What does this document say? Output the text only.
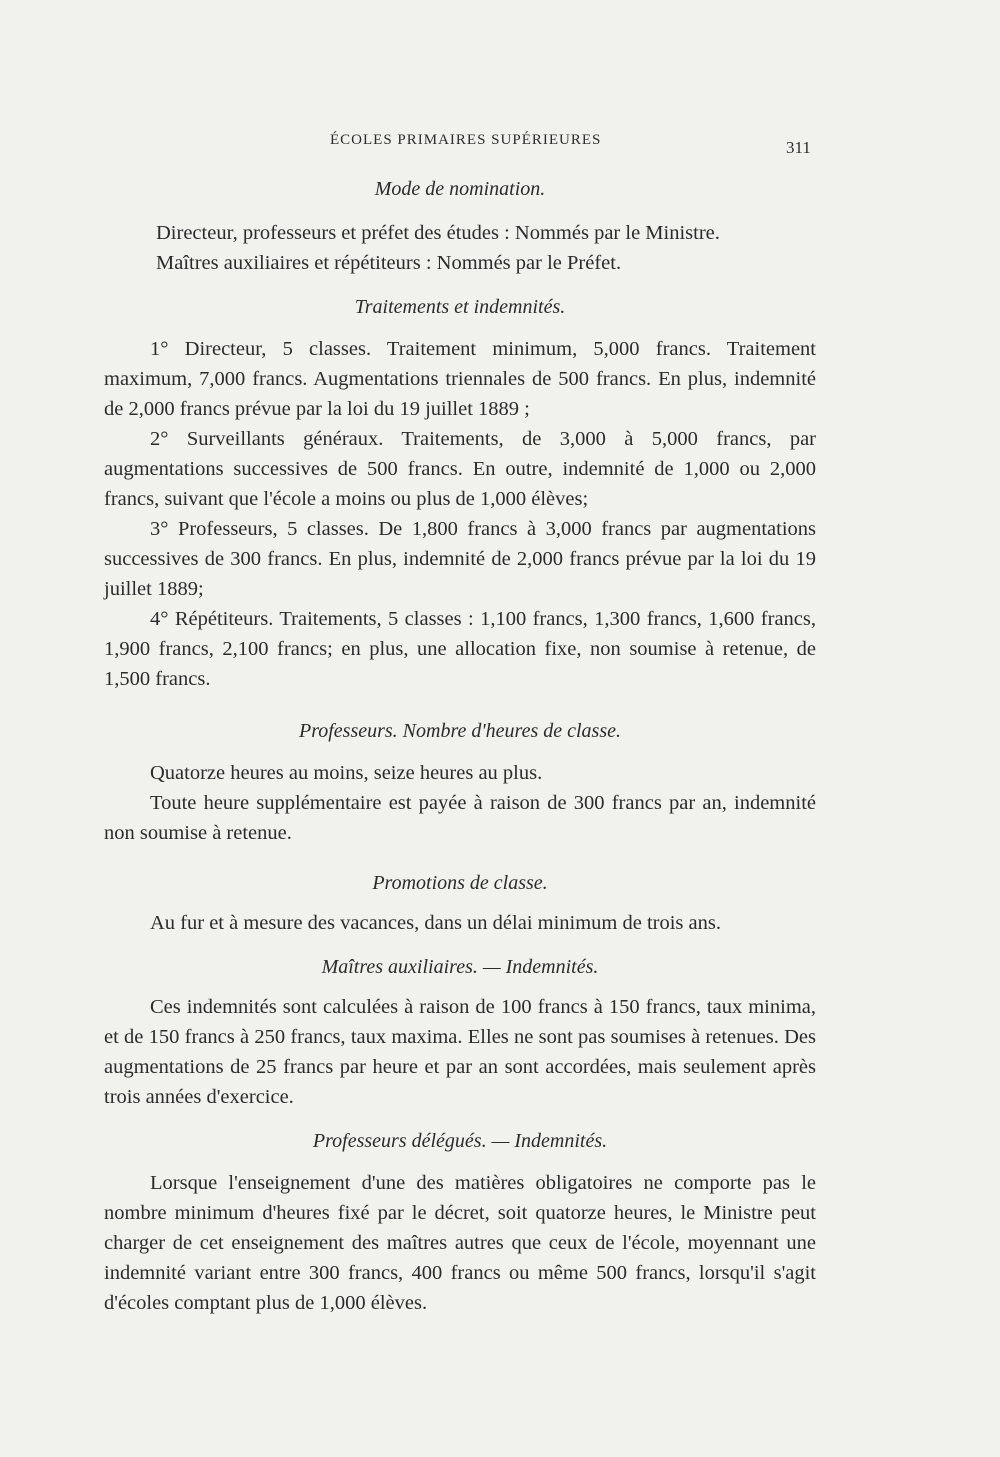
ÉCOLES PRIMAIRES SUPÉRIEURES	311

Mode de nomination.

Directeur, professeurs et préfet des études : Nommés par le Ministre.

Maîtres auxiliaires et répétiteurs : Nommés par le Préfet.

Traitements et indemnités.

1° Directeur, 5 classes. Traitement minimum, 5,000 francs. Traitement maximum, 7,000 francs. Augmentations triennales de 500 francs. En plus, indemnité de 2,000 francs prévue par la loi du 19 juillet 1889 ;

2° Surveillants généraux. Traitements, de 3,000 à 5,000 francs, par augmentations successives de 500 francs. En outre, indemnité de 1,000 ou 2,000 francs, suivant que l'école a moins ou plus de 1,000 élèves;

3° Professeurs, 5 classes. De 1,800 francs à 3,000 francs par augmentations successives de 300 francs. En plus, indemnité de 2,000 francs prévue par la loi du 19 juillet 1889;

4° Répétiteurs. Traitements, 5 classes : 1,100 francs, 1,300 francs, 1,600 francs, 1,900 francs, 2,100 francs; en plus, une allocation fixe, non soumise à retenue, de 1,500 francs.

Professeurs. Nombre d'heures de classe.

Quatorze heures au moins, seize heures au plus.

Toute heure supplémentaire est payée à raison de 300 francs par an, indemnité non soumise à retenue.

Promotions de classe.

Au fur et à mesure des vacances, dans un délai minimum de trois ans.

Maîtres auxiliaires. — Indemnités.

Ces indemnités sont calculées à raison de 100 francs à 150 francs, taux minima, et de 150 francs à 250 francs, taux maxima. Elles ne sont pas soumises à retenues. Des augmentations de 25 francs par heure et par an sont accordées, mais seulement après trois années d'exercice.

Professeurs délégués. — Indemnités.

Lorsque l'enseignement d'une des matières obligatoires ne comporte pas le nombre minimum d'heures fixé par le décret, soit quatorze heures, le Ministre peut charger de cet enseignement des maîtres autres que ceux de l'école, moyennant une indemnité variant entre 300 francs, 400 francs ou même 500 francs, lorsqu'il s'agit d'écoles comptant plus de 1,000 élèves.
